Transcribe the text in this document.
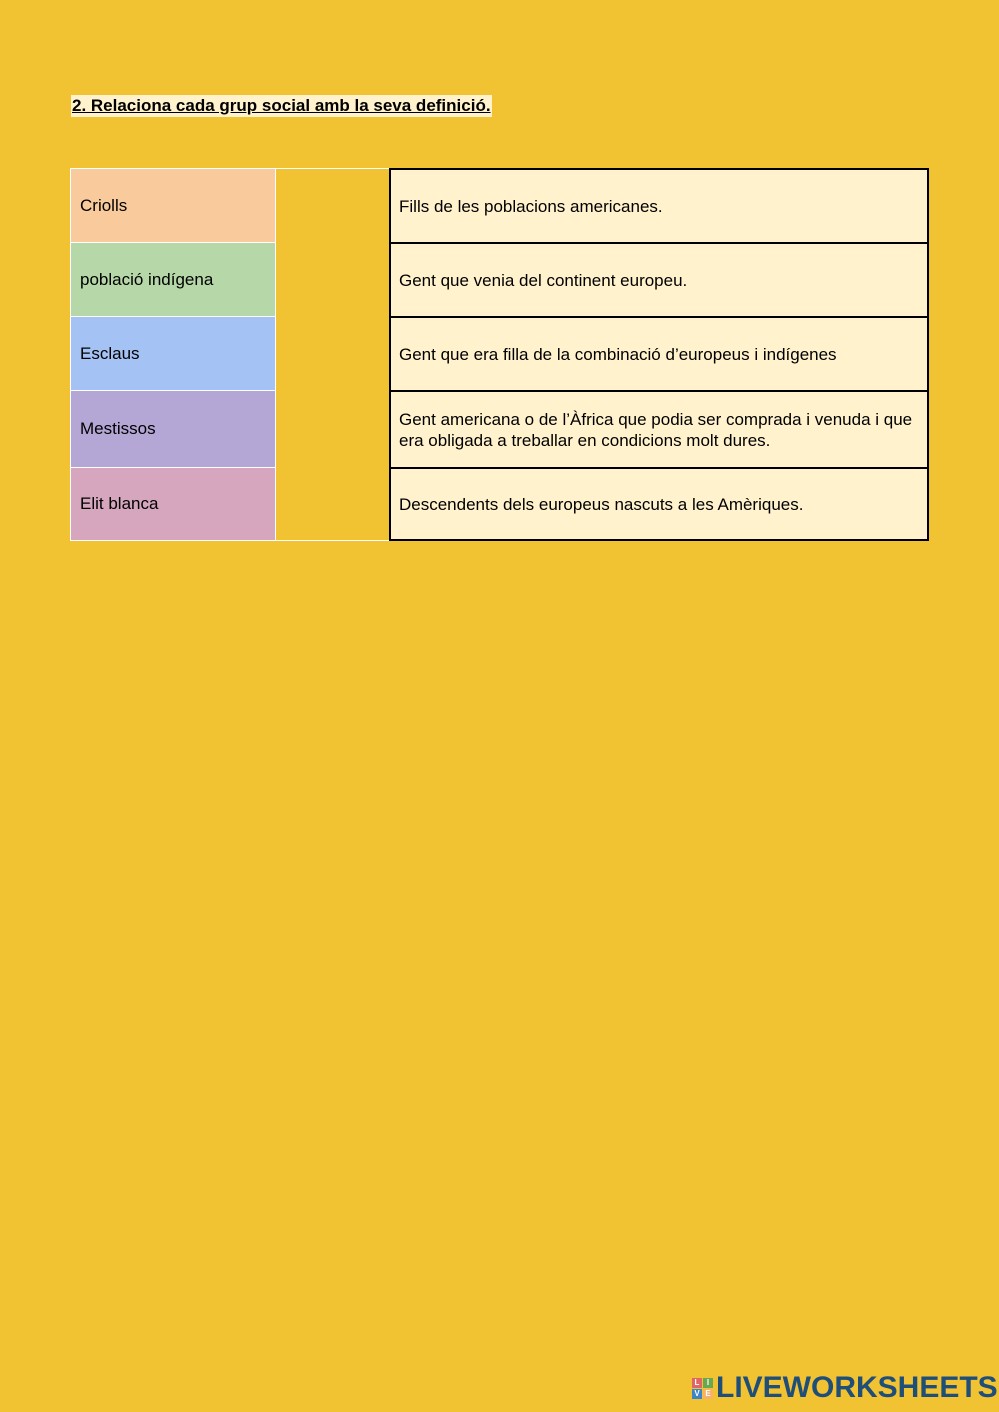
2. Relaciona cada grup social amb la seva definició.
Criolls
població indígena
Esclaus
Mestissos
Elit blanca
Fills de les poblacions americanes.
Gent que venia del continent europeu.
Gent que era filla de la combinació d’europeus i indígenes
Gent americana o de l’Àfrica que podia ser comprada i venuda i que era obligada a treballar en condicions molt dures.
Descendents dels europeus nascuts a les Amèriques.
L I
V E LIVEWORKSHEETS
